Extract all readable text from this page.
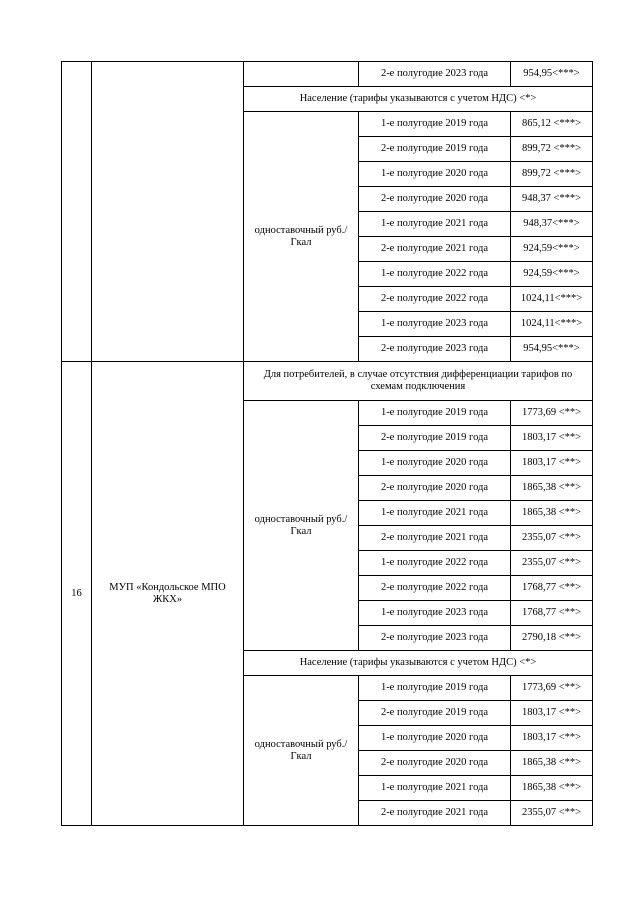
			2-е полугодие 2023 года	954,95<***>
		Население (тарифы указываются с учетом НДС) <*>		
		одноставочный руб./Гкал	1-е полугодие 2019 года	865,12 <***>
			2-е полугодие 2019 года	899,72 <***>
			1-е полугодие 2020 года	899,72 <***>
			2-е полугодие 2020 года	948,37 <***>
			1-е полугодие 2021 года	948,37<***>
			2-е полугодие 2021 года	924,59<***>
			1-е полугодие 2022 года	924,59<***>
			2-е полугодие 2022 года	1024,11<***>
			1-е полугодие 2023 года	1024,11<***>
			2-е полугодие 2023 года	954,95<***>
16	МУП «Кондольское МПО ЖКХ»	Для потребителей, в случае отсутствия дифференциации тарифов по схемам подключения		
		одноставочный руб./Гкал	1-е полугодие 2019 года	1773,69 <**>
			2-е полугодие 2019 года	1803,17 <**>
			1-е полугодие 2020 года	1803,17 <**>
			2-е полугодие 2020 года	1865,38 <**>
			1-е полугодие 2021 года	1865,38 <**>
			2-е полугодие 2021 года	2355,07 <**>
			1-е полугодие 2022 года	2355,07 <**>
			2-е полугодие 2022 года	1768,77 <**>
			1-е полугодие 2023 года	1768,77 <**>
			2-е полугодие 2023 года	2790,18 <**>
		Население (тарифы указываются с учетом НДС) <*>		
		одноставочный руб./Гкал	1-е полугодие 2019 года	1773,69 <**>
			2-е полугодие 2019 года	1803,17 <**>
			1-е полугодие 2020 года	1803,17 <**>
			2-е полугодие 2020 года	1865,38 <**>
			1-е полугодие 2021 года	1865,38 <**>
			2-е полугодие 2021 года	2355,07 <**>
